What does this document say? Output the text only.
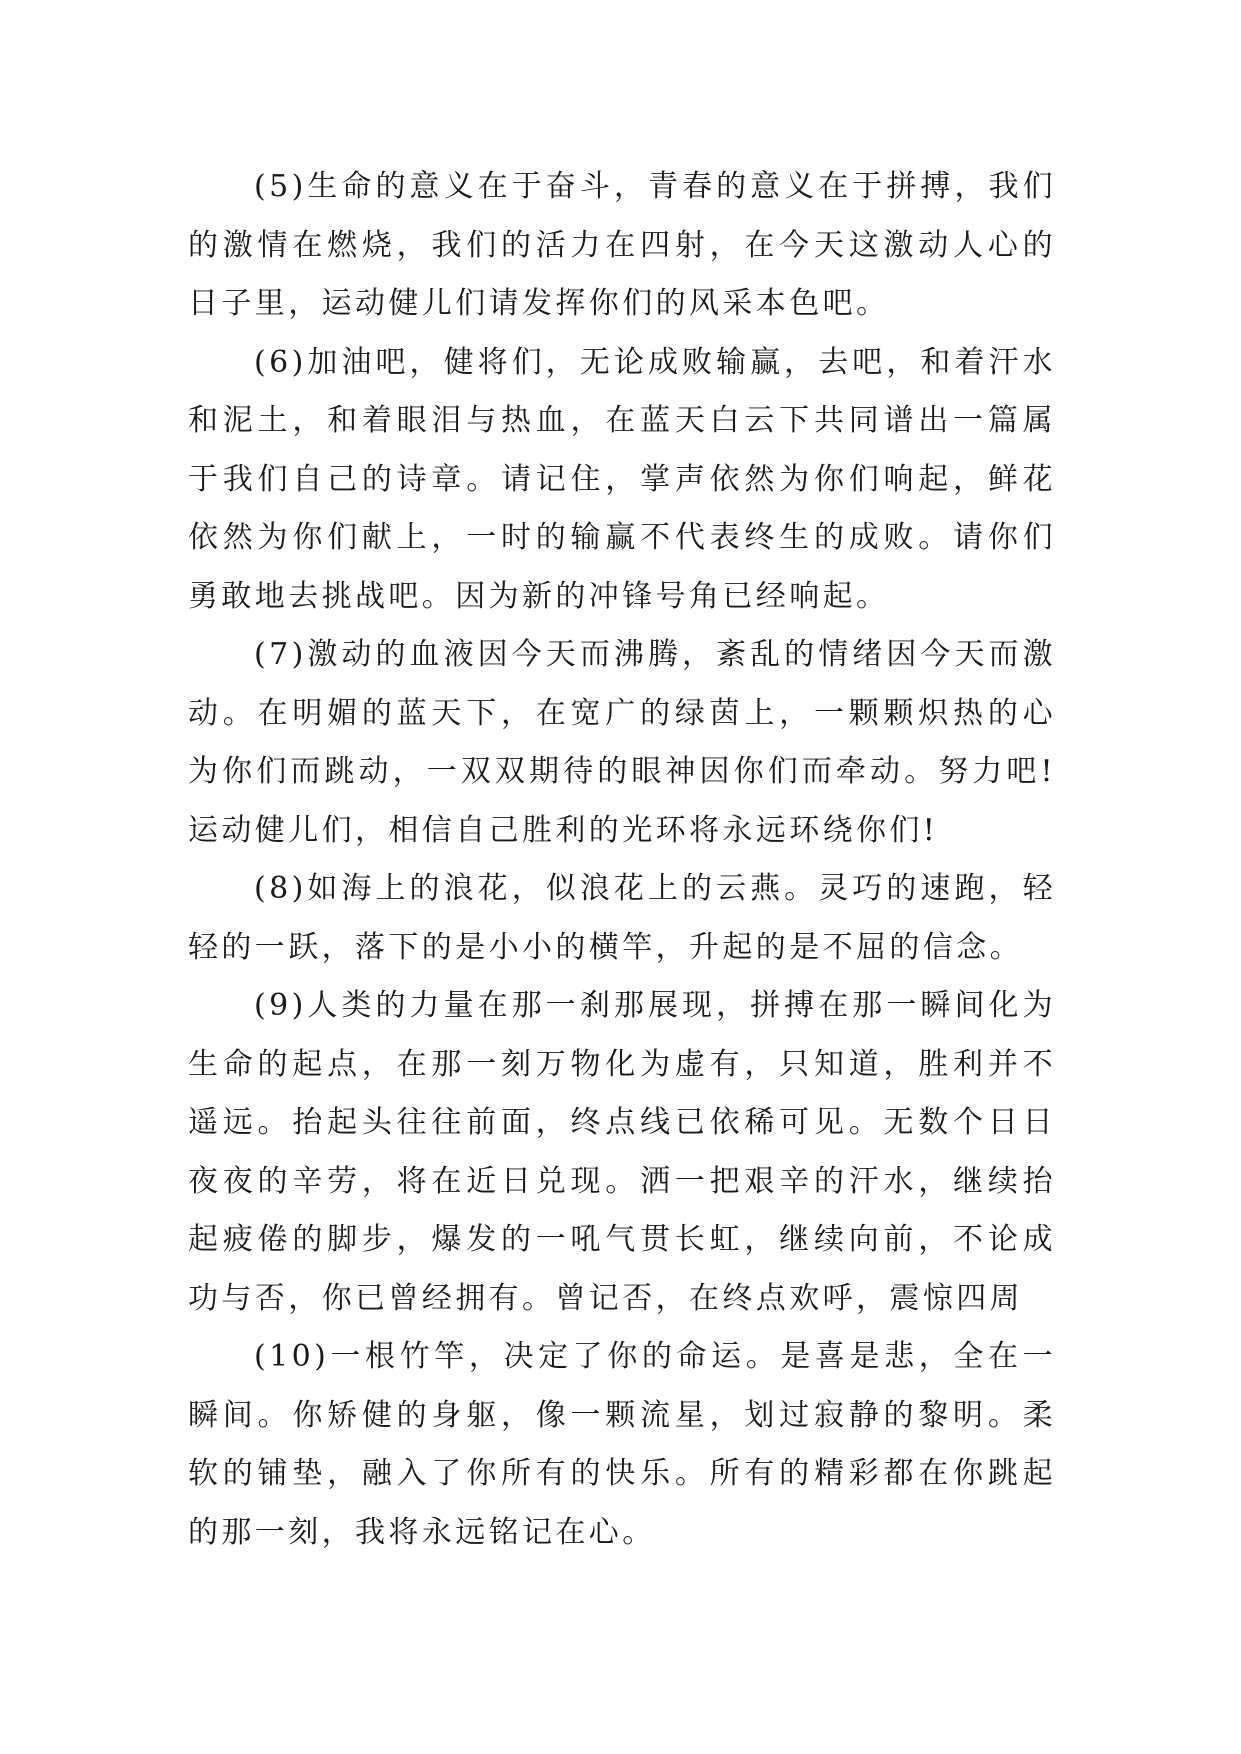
(5)生命的意义在于奋斗，青春的意义在于拼搏，我们的激情在燃烧，我们的活力在四射，在今天这激动人心的日子里，运动健儿们请发挥你们的风采本色吧。

(6)加油吧，健将们，无论成败输赢，去吧，和着汗水和泥土，和着眼泪与热血，在蓝天白云下共同谱出一篇属于我们自己的诗章。请记住，掌声依然为你们响起，鲜花依然为你们献上，一时的输赢不代表终生的成败。请你们勇敢地去挑战吧。因为新的冲锋号角已经响起。

(7)激动的血液因今天而沸腾，紊乱的情绪因今天而激动。在明媚的蓝天下，在宽广的绿茵上，一颗颗炽热的心为你们而跳动，一双双期待的眼神因你们而牵动。努力吧!运动健儿们，相信自己胜利的光环将永远环绕你们!

(8)如海上的浪花，似浪花上的云燕。灵巧的速跑，轻轻的一跃，落下的是小小的横竿，升起的是不屈的信念。

(9)人类的力量在那一刹那展现，拼搏在那一瞬间化为生命的起点，在那一刻万物化为虚有，只知道，胜利并不遥远。抬起头往往前面，终点线已依稀可见。无数个日日夜夜的辛劳，将在近日兑现。洒一把艰辛的汗水，继续抬起疲倦的脚步，爆发的一吼气贯长虹，继续向前，不论成功与否，你已曾经拥有。曾记否，在终点欢呼，震惊四周

(10)一根竹竿，决定了你的命运。是喜是悲，全在一瞬间。你矫健的身躯，像一颗流星，划过寂静的黎明。柔软的铺垫，融入了你所有的快乐。所有的精彩都在你跳起的那一刻，我将永远铭记在心。
